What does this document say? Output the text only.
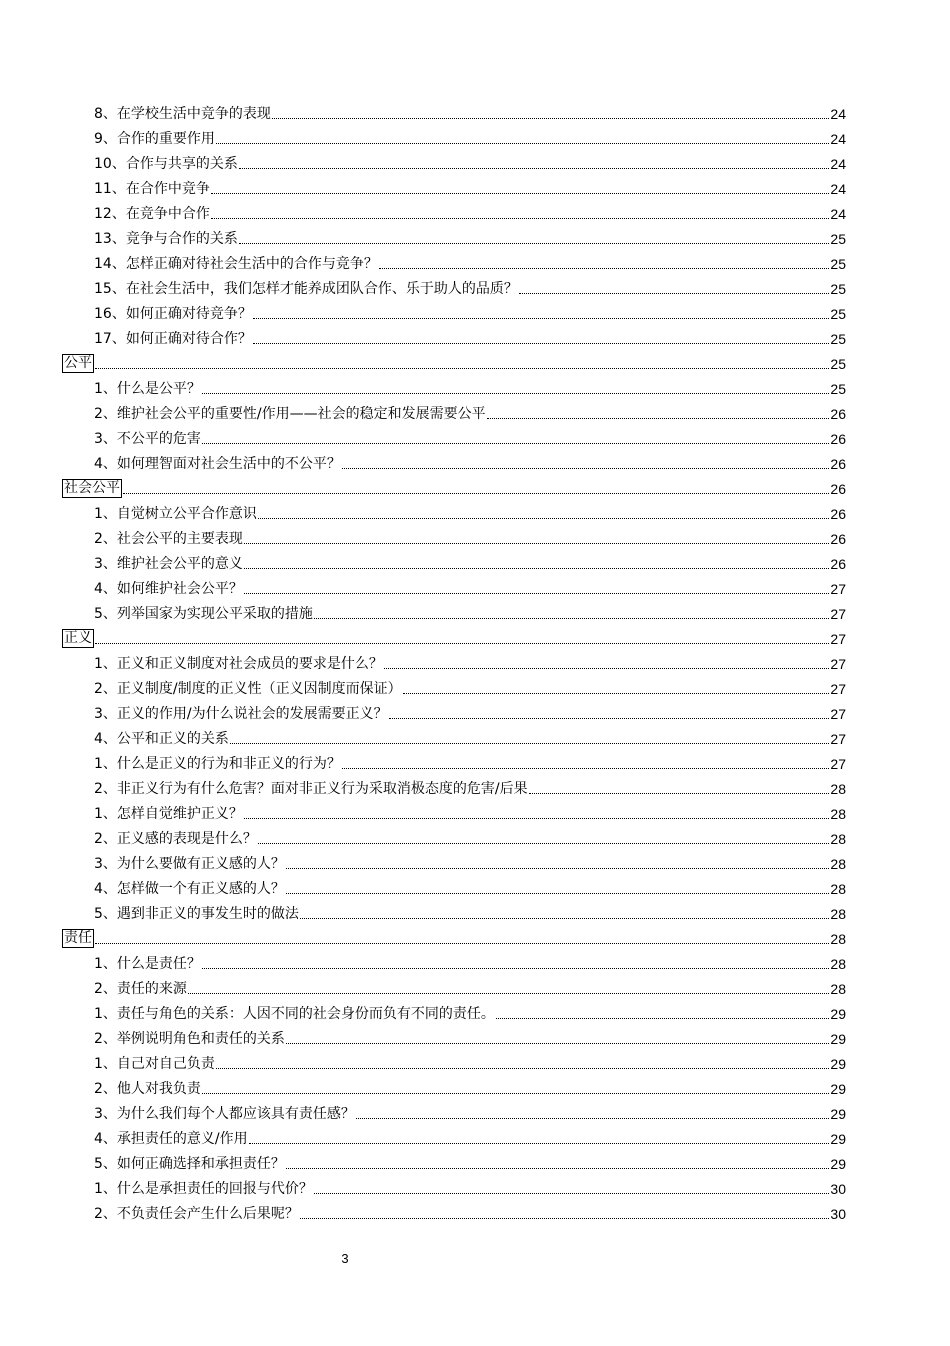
8、在学校生活中竞争的表现	24
9、合作的重要作用	24
10、合作与共享的关系	24
11、在合作中竞争	24
12、在竞争中合作	24
13、竞争与合作的关系	25
14、怎样正确对待社会生活中的合作与竞争？	25
15、在社会生活中，我们怎样才能养成团队合作、乐于助人的品质？	25
16、如何正确对待竞争？	25
17、如何正确对待合作？	25
公平	25
1、什么是公平？	25
2、维护社会公平的重要性/作用——社会的稳定和发展需要公平	26
3、不公平的危害	26
4、如何理智面对社会生活中的不公平？	26
社会公平	26
1、自觉树立公平合作意识	26
2、社会公平的主要表现	26
3、维护社会公平的意义	26
4、如何维护社会公平？	27
5、列举国家为实现公平采取的措施	27
正义	27
1、正义和正义制度对社会成员的要求是什么？	27
2、正义制度/制度的正义性（正义因制度而保证）	27
3、正义的作用/为什么说社会的发展需要正义？	27
4、公平和正义的关系	27
1、什么是正义的行为和非正义的行为？	27
2、非正义行为有什么危害？面对非正义行为采取消极态度的危害/后果	28
1、怎样自觉维护正义？	28
2、正义感的表现是什么？	28
3、为什么要做有正义感的人？	28
4、怎样做一个有正义感的人？	28
5、遇到非正义的事发生时的做法	28
责任	28
1、什么是责任？	28
2、责任的来源	28
1、责任与角色的关系：人因不同的社会身份而负有不同的责任。	29
2、举例说明角色和责任的关系	29
1、自己对自己负责	29
2、他人对我负责	29
3、为什么我们每个人都应该具有责任感？	29
4、承担责任的意义/作用	29
5、如何正确选择和承担责任？	29
1、什么是承担责任的回报与代价？	30
2、不负责任会产生什么后果呢？	30
3
